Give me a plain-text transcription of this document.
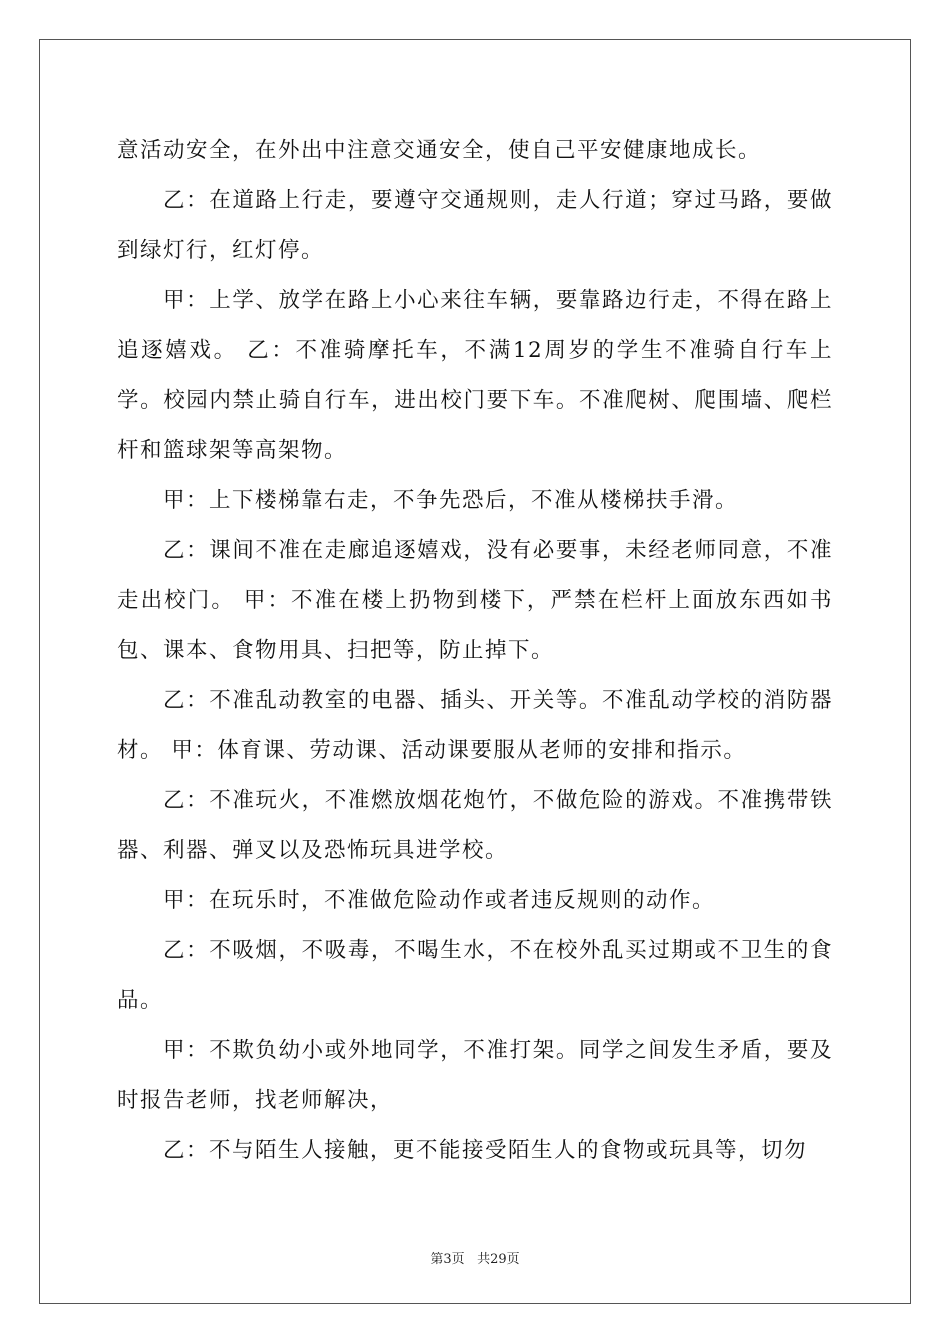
意活动安全，在外出中注意交通安全，使自己平安健康地成长。

乙：在道路上行走，要遵守交通规则，走人行道；穿过马路，要做到绿灯行，红灯停。

甲：上学、放学在路上小心来往车辆，要靠路边行走，不得在路上追逐嬉戏。 乙：不准骑摩托车，不满12周岁的学生不准骑自行车上学。校园内禁止骑自行车，进出校门要下车。不准爬树、爬围墙、爬栏杆和篮球架等高架物。

甲：上下楼梯靠右走，不争先恐后，不准从楼梯扶手滑。

乙：课间不准在走廊追逐嬉戏，没有必要事，未经老师同意，不准走出校门。 甲：不准在楼上扔物到楼下，严禁在栏杆上面放东西如书包、课本、食物用具、扫把等，防止掉下。

乙：不准乱动教室的电器、插头、开关等。不准乱动学校的消防器材。 甲：体育课、劳动课、活动课要服从老师的安排和指示。

乙：不准玩火，不准燃放烟花炮竹，不做危险的游戏。不准携带铁器、利器、弹叉以及恐怖玩具进学校。

甲：在玩乐时，不准做危险动作或者违反规则的动作。

乙：不吸烟，不吸毒，不喝生水，不在校外乱买过期或不卫生的食品。

甲：不欺负幼小或外地同学，不准打架。同学之间发生矛盾，要及时报告老师，找老师解决，

乙：不与陌生人接触，更不能接受陌生人的食物或玩具等，切勿

第3页 共29页
